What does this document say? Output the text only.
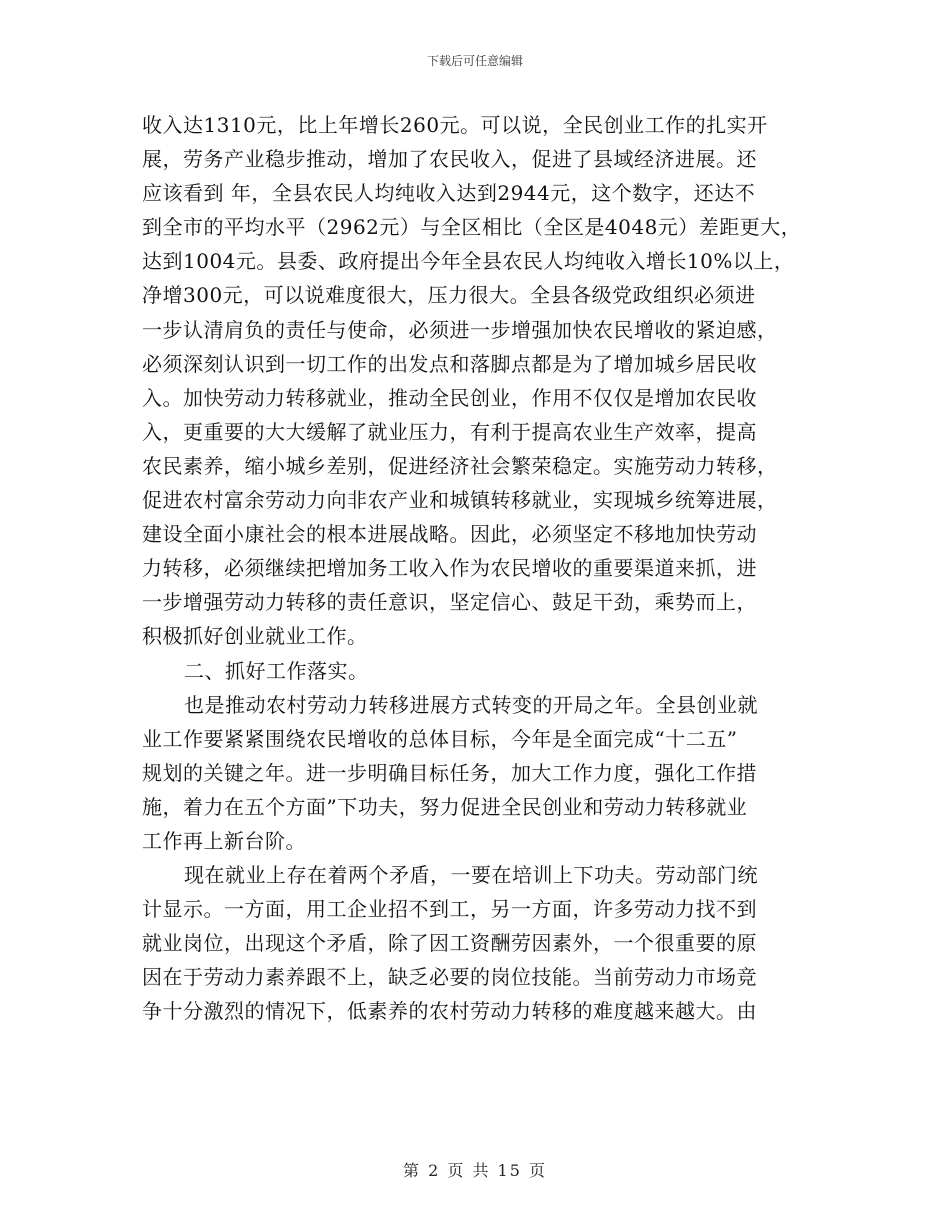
下载后可任意编辑
收入达1310元，比上年增长260元。可以说，全民创业工作的扎实开
展，劳务产业稳步推动，增加了农民收入，促进了县域经济进展。还
应该看到 年，全县农民人均纯收入达到2944元，这个数字，还达不
到全市的平均水平（2962元）与全区相比（全区是4048元）差距更大，
达到1004元。县委、政府提出今年全县农民人均纯收入增长10%以上，
净增300元，可以说难度很大，压力很大。全县各级党政组织必须进
一步认清肩负的责任与使命，必须进一步增强加快农民增收的紧迫感，
必须深刻认识到一切工作的出发点和落脚点都是为了增加城乡居民收
入。加快劳动力转移就业，推动全民创业，作用不仅仅是增加农民收
入，更重要的大大缓解了就业压力，有利于提高农业生产效率，提高
农民素养，缩小城乡差别，促进经济社会繁荣稳定。实施劳动力转移，
促进农村富余劳动力向非农产业和城镇转移就业，实现城乡统筹进展，
建设全面小康社会的根本进展战略。因此，必须坚定不移地加快劳动
力转移，必须继续把增加务工收入作为农民增收的重要渠道来抓，进
一步增强劳动力转移的责任意识，坚定信心、鼓足干劲，乘势而上，
积极抓好创业就业工作。
二、抓好工作落实。
也是推动农村劳动力转移进展方式转变的开局之年。全县创业就
业工作要紧紧围绕农民增收的总体目标，今年是全面完成“十二五”
规划的关键之年。进一步明确目标任务，加大工作力度，强化工作措
施，着力在五个方面”下功夫，努力促进全民创业和劳动力转移就业
工作再上新台阶。
现在就业上存在着两个矛盾，一要在培训上下功夫。劳动部门统
计显示。一方面，用工企业招不到工，另一方面，许多劳动力找不到
就业岗位，出现这个矛盾，除了因工资酬劳因素外，一个很重要的原
因在于劳动力素养跟不上，缺乏必要的岗位技能。当前劳动力市场竞
争十分激烈的情况下，低素养的农村劳动力转移的难度越来越大。由
第 2 页 共 15 页
